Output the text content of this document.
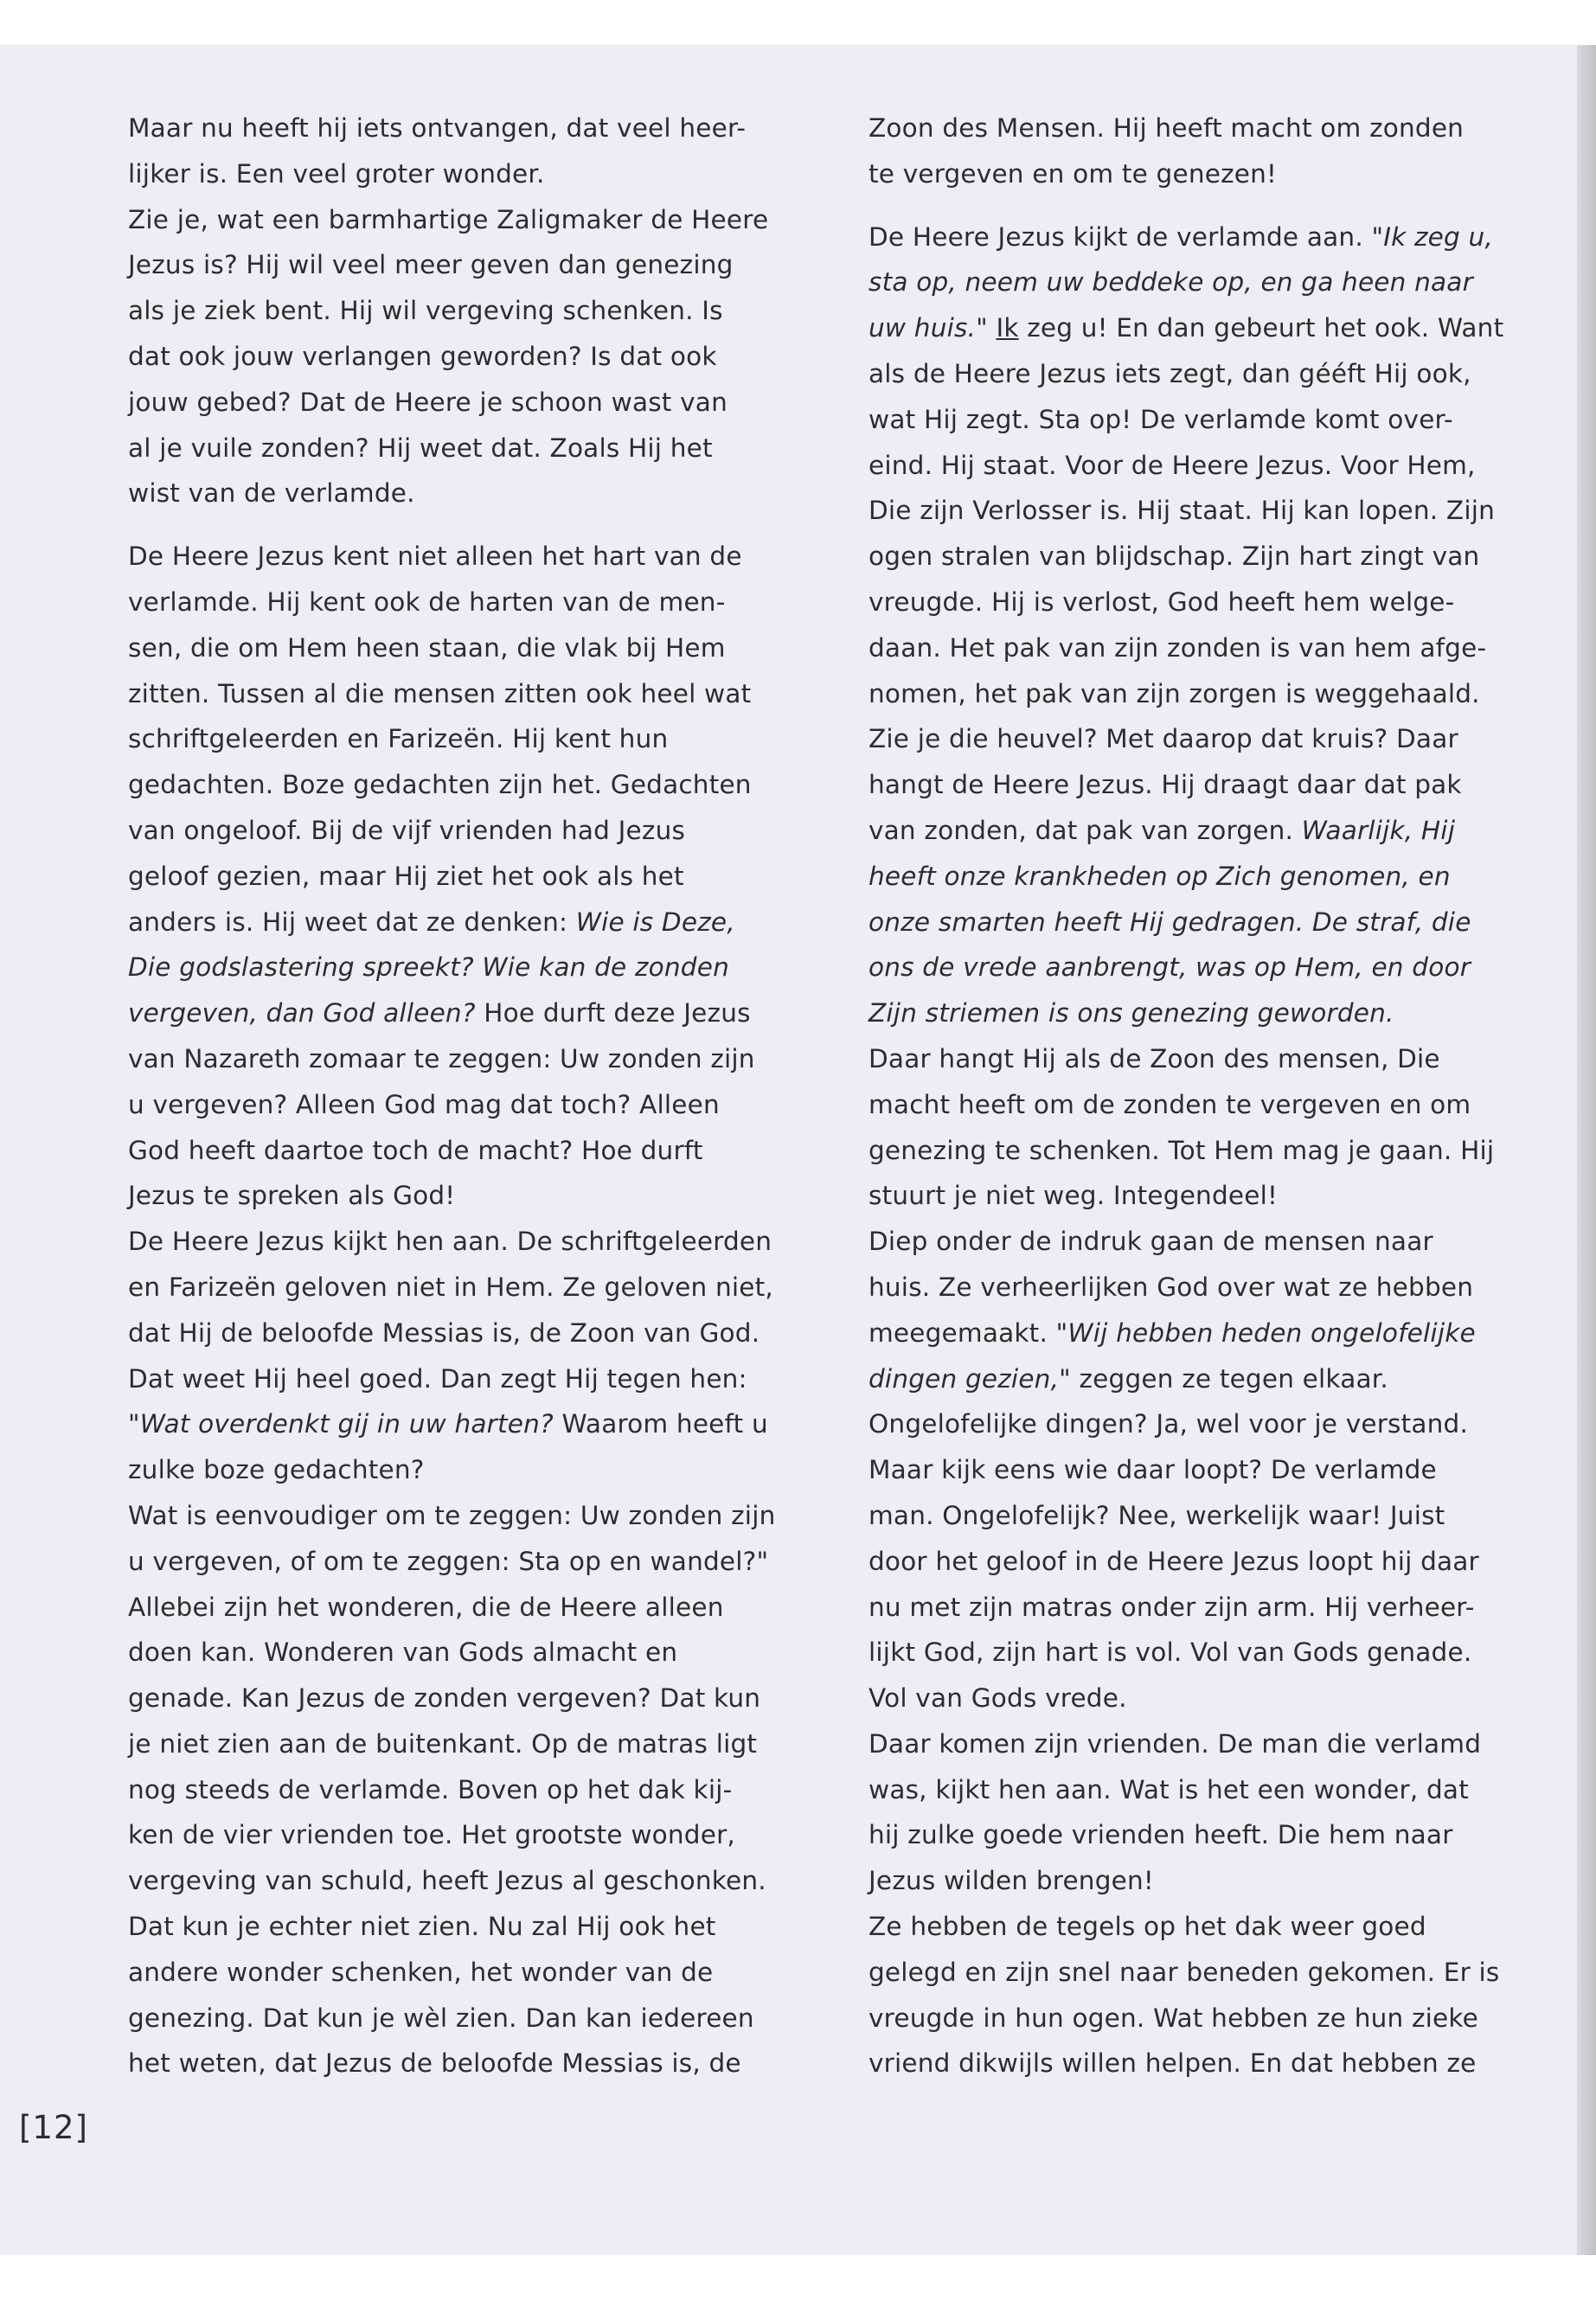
Maar nu heeft hij iets ontvangen, dat veel heer-
lijker is. Een veel groter wonder.
Zie je, wat een barmhartige Zaligmaker de Heere
Jezus is? Hij wil veel meer geven dan genezing
als je ziek bent. Hij wil vergeving schenken. Is
dat ook jouw verlangen geworden? Is dat ook
jouw gebed? Dat de Heere je schoon wast van
al je vuile zonden? Hij weet dat. Zoals Hij het
wist van de verlamde.
De Heere Jezus kent niet alleen het hart van de
verlamde. Hij kent ook de harten van de men-
sen, die om Hem heen staan, die vlak bij Hem
zitten. Tussen al die mensen zitten ook heel wat
schriftgeleerden en Farizeën. Hij kent hun
gedachten. Boze gedachten zijn het. Gedachten
van ongeloof. Bij de vijf vrienden had Jezus
geloof gezien, maar Hij ziet het ook als het
anders is. Hij weet dat ze denken: Wie is Deze,
Die godslastering spreekt? Wie kan de zonden
vergeven, dan God alleen? Hoe durft deze Jezus
van Nazareth zomaar te zeggen: Uw zonden zijn
u vergeven? Alleen God mag dat toch? Alleen
God heeft daartoe toch de macht? Hoe durft
Jezus te spreken als God!
De Heere Jezus kijkt hen aan. De schriftgeleerden
en Farizeën geloven niet in Hem. Ze geloven niet,
dat Hij de beloofde Messias is, de Zoon van God.
Dat weet Hij heel goed. Dan zegt Hij tegen hen:
"Wat overdenkt gij in uw harten? Waarom heeft u
zulke boze gedachten?
Wat is eenvoudiger om te zeggen: Uw zonden zijn
u vergeven, of om te zeggen: Sta op en wandel?"
Allebei zijn het wonderen, die de Heere alleen
doen kan. Wonderen van Gods almacht en
genade. Kan Jezus de zonden vergeven? Dat kun
je niet zien aan de buitenkant. Op de matras ligt
nog steeds de verlamde. Boven op het dak kij-
ken de vier vrienden toe. Het grootste wonder,
vergeving van schuld, heeft Jezus al geschonken.
Dat kun je echter niet zien. Nu zal Hij ook het
andere wonder schenken, het wonder van de
genezing. Dat kun je wèl zien. Dan kan iedereen
het weten, dat Jezus de beloofde Messias is, de
Zoon des Mensen. Hij heeft macht om zonden
te vergeven en om te genezen!
De Heere Jezus kijkt de verlamde aan. "Ik zeg u,
sta op, neem uw beddeke op, en ga heen naar
uw huis." Ik zeg u! En dan gebeurt het ook. Want
als de Heere Jezus iets zegt, dan gééft Hij ook,
wat Hij zegt. Sta op! De verlamde komt over-
eind. Hij staat. Voor de Heere Jezus. Voor Hem,
Die zijn Verlosser is. Hij staat. Hij kan lopen. Zijn
ogen stralen van blijdschap. Zijn hart zingt van
vreugde. Hij is verlost, God heeft hem welge-
daan. Het pak van zijn zonden is van hem afge-
nomen, het pak van zijn zorgen is weggehaald.
Zie je die heuvel? Met daarop dat kruis? Daar
hangt de Heere Jezus. Hij draagt daar dat pak
van zonden, dat pak van zorgen. Waarlijk, Hij
heeft onze krankheden op Zich genomen, en
onze smarten heeft Hij gedragen. De straf, die
ons de vrede aanbrengt, was op Hem, en door
Zijn striemen is ons genezing geworden.
Daar hangt Hij als de Zoon des mensen, Die
macht heeft om de zonden te vergeven en om
genezing te schenken. Tot Hem mag je gaan. Hij
stuurt je niet weg. Integendeel!
Diep onder de indruk gaan de mensen naar
huis. Ze verheerlijken God over wat ze hebben
meegemaakt. "Wij hebben heden ongelofelijke
dingen gezien," zeggen ze tegen elkaar.
Ongelofelijke dingen? Ja, wel voor je verstand.
Maar kijk eens wie daar loopt? De verlamde
man. Ongelofelijk? Nee, werkelijk waar! Juist
door het geloof in de Heere Jezus loopt hij daar
nu met zijn matras onder zijn arm. Hij verheer-
lijkt God, zijn hart is vol. Vol van Gods genade.
Vol van Gods vrede.
Daar komen zijn vrienden. De man die verlamd
was, kijkt hen aan. Wat is het een wonder, dat
hij zulke goede vrienden heeft. Die hem naar
Jezus wilden brengen!
Ze hebben de tegels op het dak weer goed
gelegd en zijn snel naar beneden gekomen. Er is
vreugde in hun ogen. Wat hebben ze hun zieke
vriend dikwijls willen helpen. En dat hebben ze
[12]
